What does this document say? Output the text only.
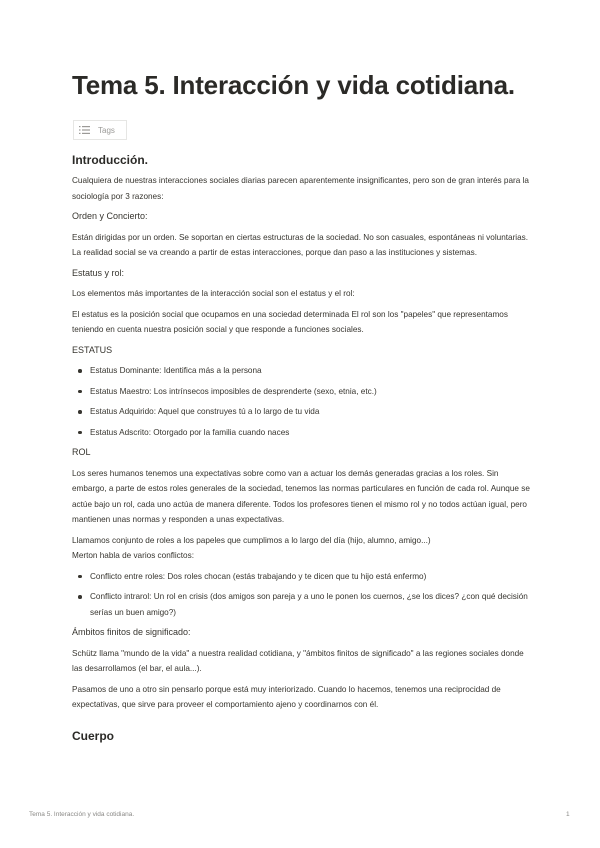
Tema 5. Interacción y vida cotidiana.
Tags
Introducción.
Cualquiera de nuestras interacciones sociales diarias parecen aparentemente insignificantes, pero son de gran interés para la sociología por 3 razones:
Orden y Concierto:
Están dirigidas por un orden. Se soportan en ciertas estructuras de la sociedad. No son casuales, espontáneas ni voluntarias. La realidad social se va creando a partir de estas interacciones, porque dan paso a las instituciones y sistemas.
Estatus y rol:
Los elementos más importantes de la interacción social son el estatus y el rol:
El estatus es la posición social que ocupamos en una sociedad determinada El rol son los "papeles" que representamos teniendo en cuenta nuestra posición social y que responde a funciones sociales.
ESTATUS
Estatus Dominante: Identifica más a la persona
Estatus Maestro: Los intrínsecos imposibles de desprenderte (sexo, etnia, etc.)
Estatus Adquirido: Aquel que construyes tú a lo largo de tu vida
Estatus Adscrito: Otorgado por la familia cuando naces
ROL
Los seres humanos tenemos una expectativas sobre como van a actuar los demás generadas gracias a los roles. Sin embargo, a parte de estos roles generales de la sociedad, tenemos las normas particulares en función de cada rol. Aunque se actúe bajo un rol, cada uno actúa de manera diferente. Todos los profesores tienen el mismo rol y no todos actúan igual, pero mantienen unas normas y responden a unas expectativas.
Llamamos conjunto de roles a los papeles que cumplimos a lo largo del día (hijo, alumno, amigo...)
Merton habla de varios conflictos:
Conflicto entre roles: Dos roles chocan (estás trabajando y te dicen que tu hijo está enfermo)
Conflicto intrarol: Un rol en crisis (dos amigos son pareja y a uno le ponen los cuernos, ¿se los dices? ¿con qué decisión serías un buen amigo?)
Ámbitos finitos de significado:
Schütz llama "mundo de la vida" a nuestra realidad cotidiana, y "ámbitos finitos de significado" a las regiones sociales donde las desarrollamos (el bar, el aula...).
Pasamos de uno a otro sin pensarlo porque está muy interiorizado. Cuando lo hacemos, tenemos una reciprocidad de expectativas, que sirve para proveer el comportamiento ajeno y coordinarnos con él.
Cuerpo
Tema 5. Interacción y vida cotidiana.	1
